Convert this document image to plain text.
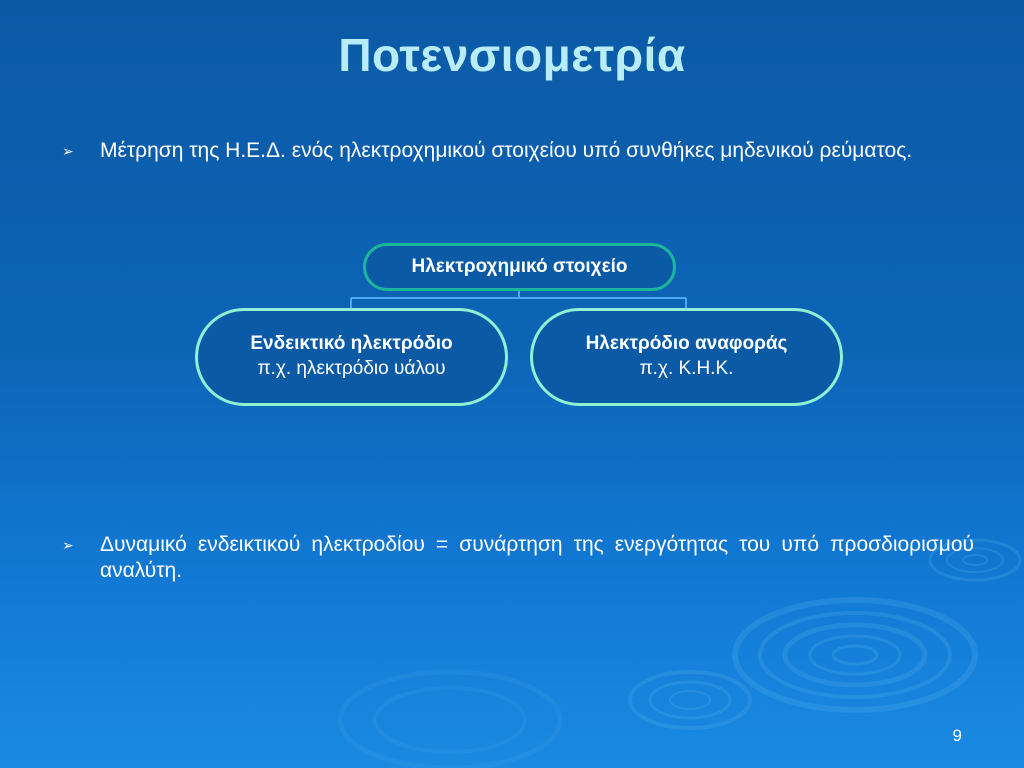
Ποτενσιομετρία
➢	Μέτρηση της Η.Ε.Δ. ενός ηλεκτροχημικού στοιχείου υπό συνθήκες μηδενικού ρεύματος.
Ηλεκτροχημικό στοιχείο
Ενδεικτικό ηλεκτρόδιο
π.χ. ηλεκτρόδιο υάλου
Ηλεκτρόδιο αναφοράς
π.χ. Κ.Η.Κ.
➢	Δυναμικό ενδεικτικού ηλεκτροδίου = συνάρτηση της ενεργότητας του υπό προσδιορισμού αναλύτη.
9
